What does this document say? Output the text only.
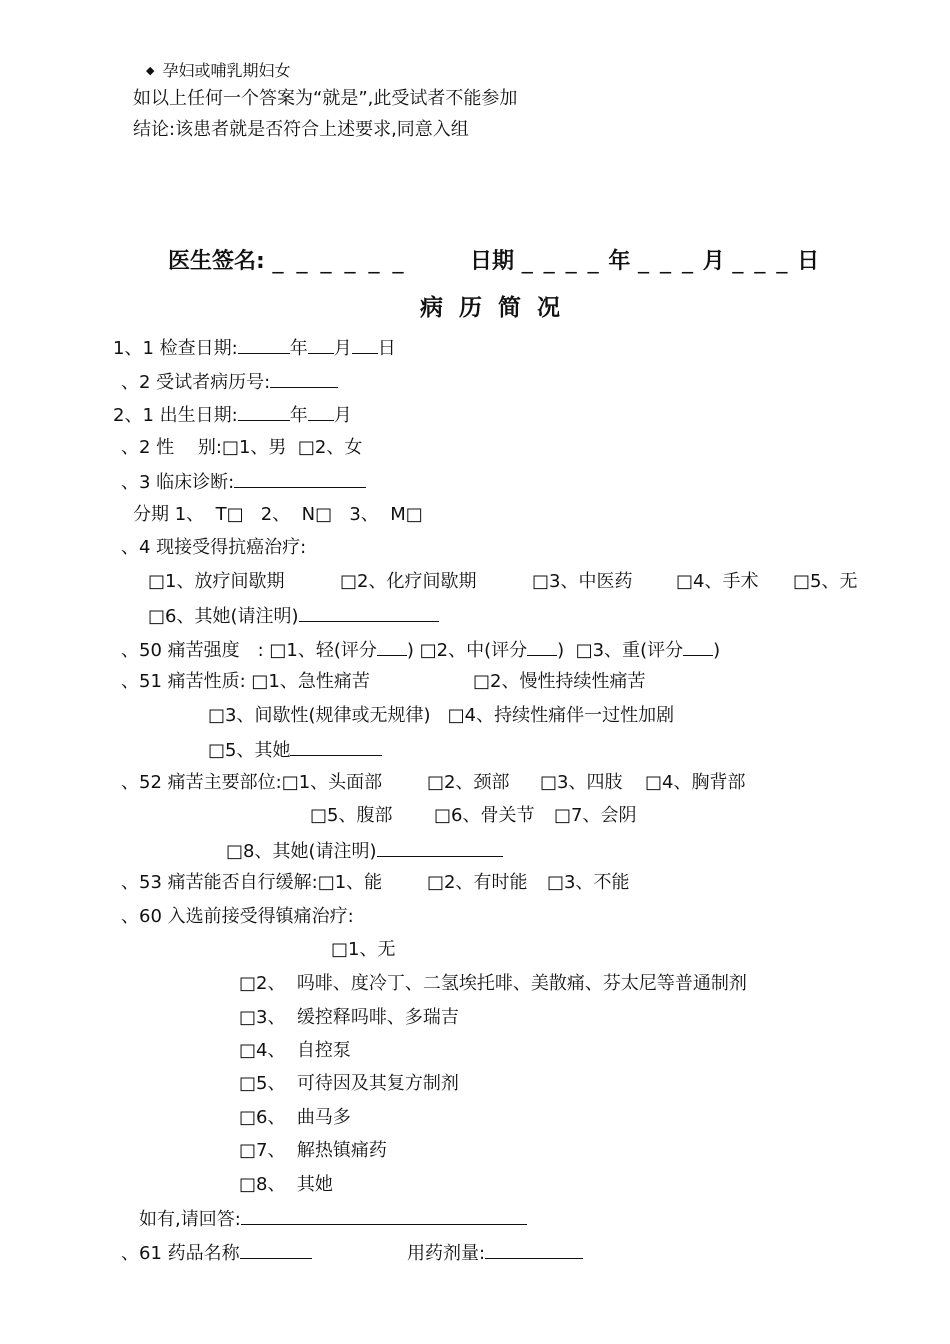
◆ 孕妇或哺乳期妇女
如以上任何一个答案为“就是”,此受试者不能参加
结论:该患者就是否符合上述要求,同意入组
医生签名: _ _ _ _ _ _	日期 _ _ _ _ 年 _ _ _ 月 _ _ _ 日
病 历 简 况
1、1 检查日期:	年 月 日
、2 受试者病历号:
2、1 出生日期:	年 月
、2 性　 别:□1、男  □2、女
、3 临床诊断:
分期 1、  T□   2、  N□   3、  M□
、4 现接受得抗癌治疗:
□1、放疗间歇期	□2、化疗间歇期	□3、中医药 □4、手术 □5、无
□6、其她(请注明)
、50 痛苦强度　: □1、轻(评分 ) □2、中(评分 )  □3、重(评分 )
、51 痛苦性质: □1、急性痛苦	□2、慢性持续性痛苦
□3、间歇性(规律或无规律)   □4、持续性痛伴一过性加剧
□5、其她
、52 痛苦主要部位:□1、头面部 □2、颈部 □3、四肢 □4、胸背部
□5、腹部 □6、骨关节 □7、会阴
□8、其她(请注明)
、53 痛苦能否自行缓解:□1、能 □2、有时能 □3、不能
、60 入选前接受得镇痛治疗:
□1、无
□2、  吗啡、度冷丁、二氢埃托啡、美散痛、芬太尼等普通制剂
□3、  缓控释吗啡、多瑞吉
□4、  自控泵
□5、  可待因及其复方制剂
□6、  曲马多
□7、  解热镇痛药
□8、  其她
如有,请回答:
、61 药品名称	用药剂量:
